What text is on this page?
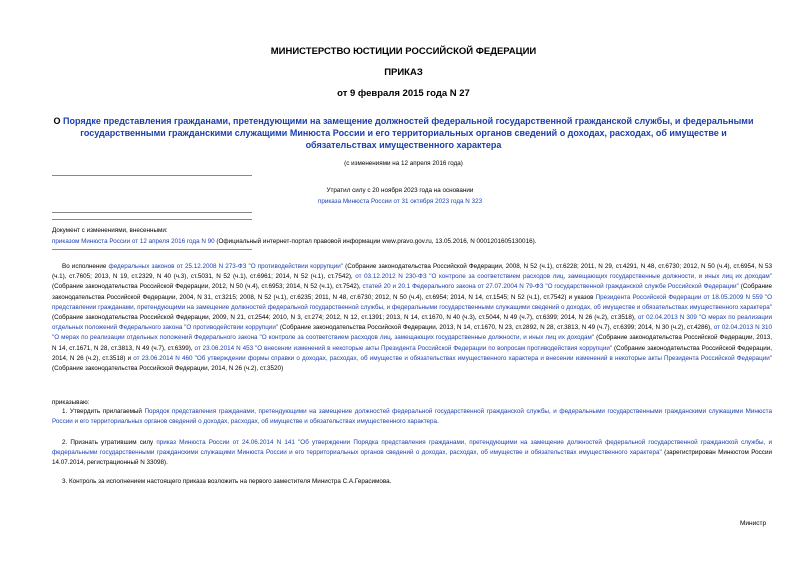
МИНИСТЕРСТВО ЮСТИЦИИ РОССИЙСКОЙ ФЕДЕРАЦИИ
ПРИКАЗ
от 9 февраля 2015 года N 27
О Порядке представления гражданами, претендующими на замещение должностей федеральной государственной гражданской службы, и федеральными государственными гражданскими служащими Минюста России и его территориальных органов сведений о доходах, расходах, об имуществе и обязательствах имущественного характера
(с изменениями на 12 апреля 2016 года)
Утратил силу с 20 ноября 2023 года на основании
приказа Минюста России от 31 октября 2023 года N 323
Документ с изменениями, внесенными:
приказом Минюста России от 12 апреля 2016 года N 90 (Официальный интернет-портал правовой информации www.pravo.gov.ru, 13.05.2016, N 0001201605130016).
Во исполнение федеральных законов от 25.12.2008 N 273-ФЗ "О противодействии коррупции" (Собрание законодательства Российской Федерации, 2008, N 52 (ч.1), ст.6228; 2011, N 29, ст.4291, N 48, ст.6730; 2012, N 50 (ч.4), ст.6954, N 53 (ч.1), ст.7605; 2013, N 19, ст.2329, N 40 (ч.3), ст.5031, N 52 (ч.1), ст.6961; 2014, N 52 (ч.1), ст.7542), от 03.12.2012 N 230-ФЗ "О контроле за соответствием расходов лиц, замещающих государственные должности, и иных лиц их доходам" (Собрание законодательства Российской Федерации, 2012, N 50 (ч.4), ст.6953; 2014, N 52 (ч.1), ст.7542), статей 20 и 20.1 Федерального закона от 27.07.2004 N 79-ФЗ "О государственной гражданской службе Российской Федерации" (Собрание законодательства Российской Федерации, 2004, N 31, ст.3215; 2008, N 52 (ч.1), ст.6235; 2011, N 48, ст.6730; 2012, N 50 (ч.4), ст.6954; 2014, N 14, ст.1545; N 52 (ч.1), ст.7542) и указов Президента Российской Федерации от 18.05.2009 N 559 "О представлении гражданами, претендующими на замещение должностей федеральной государственной службы, и федеральными государственными служащими сведений о доходах, об имуществе и обязательствах имущественного характера" (Собрание законодательства Российской Федерации, 2009, N 21, ст.2544; 2010, N 3, ст.274; 2012, N 12, ст.1391; 2013, N 14, ст.1670, N 40 (ч.3), ст.5044, N 49 (ч.7), ст.6399; 2014, N 26 (ч.2), ст.3518), от 02.04.2013 N 309 "О мерах по реализации отдельных положений Федерального закона "О противодействии коррупции" (Собрание законодательства Российской Федерации, 2013, N 14, ст.1670, N 23, ст.2892, N 28, ст.3813, N 49 (ч.7), ст.6399; 2014, N 30 (ч.2), ст.4286), от 02.04.2013 N 310 "О мерах по реализации отдельных положений Федерального закона "О контроле за соответствием расходов лиц, замещающих государственные должности, и иных лиц их доходам" (Собрание законодательства Российской Федерации, 2013, N 14, ст.1671, N 28, ст.3813, N 49 (ч.7), ст.6399), от 23.06.2014 N 453 "О внесении изменений в некоторые акты Президента Российской Федерации по вопросам противодействия коррупции" (Собрание законодательства Российской Федерации, 2014, N 26 (ч.2), ст.3518) и от 23.06.2014 N 460 "Об утверждении формы справки о доходах, расходах, об имуществе и обязательствах имущественного характера и внесении изменений в некоторые акты Президента Российской Федерации" (Собрание законодательства Российской Федерации, 2014, N 26 (ч.2), ст.3520)
приказываю:
1. Утвердить прилагаемый Порядок представления гражданами, претендующими на замещение должностей федеральной государственной гражданской службы, и федеральными государственными гражданскими служащими Минюста России и его территориальных органов сведений о доходах, расходах, об имуществе и обязательствах имущественного характера.
2. Признать утратившим силу приказ Минюста России от 24.06.2014 N 141 "Об утверждении Порядка представления гражданами, претендующими на замещение должностей федеральной государственной гражданской службы, и федеральными государственными гражданскими служащими Минюста России и его территориальных органов сведений о доходах, расходах, об имуществе и обязательствах имущественного характера" (зарегистрирован Минюстом России 14.07.2014, регистрационный N 33098).
3. Контроль за исполнением настоящего приказа возложить на первого заместителя Министра С.А.Герасимова.
Министр
